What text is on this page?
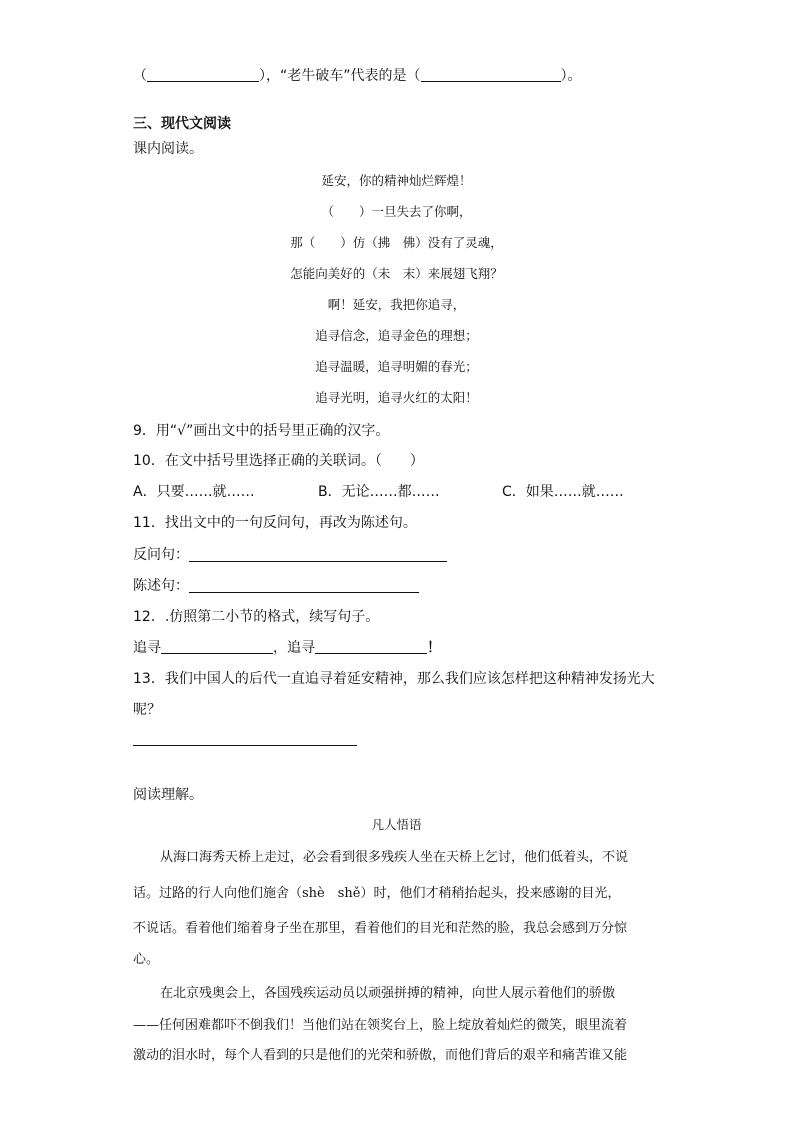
（	），“老牛破车”代表的是（	）。
三、现代文阅读
课内阅读。
延安，你的精神灿烂辉煌！
（　　）一旦失去了你啊，
那（　　）仿（拂　佛）没有了灵魂，
怎能向美好的（未　末）来展翅飞翔？
啊！延安，我把你追寻，
追寻信念，追寻金色的理想；
追寻温暖，追寻明媚的春光；
追寻光明，追寻火红的太阳！
9．用“√”画出文中的括号里正确的汉字。
10．在文中括号里选择正确的关联词。（　　）
A．只要……就……	B．无论……都……	C．如果……就……
11．找出文中的一句反问句，再改为陈述句。
反问句：
陈述句：
12．.仿照第二小节的格式，续写句子。
追寻	，追寻	！
13．我们中国人的后代一直追寻着延安精神，那么我们应该怎样把这种精神发扬光大
呢？
阅读理解。
凡人悟语
从海口海秀天桥上走过，必会看到很多残疾人坐在天桥上乞讨，他们低着头，不说
话。过路的行人向他们施舍（shè　shě）时，他们才稍稍抬起头，投来感谢的目光，
不说话。看着他们缩着身子坐在那里，看着他们的目光和茫然的脸，我总会感到万分惊
心。
在北京残奥会上，各国残疾运动员以顽强拼搏的精神，向世人展示着他们的骄傲
——任何困难都吓不倒我们！当他们站在领奖台上，脸上绽放着灿烂的微笑，眼里流着
激动的泪水时，每个人看到的只是他们的光荣和骄傲，而他们背后的艰辛和痛苦谁又能
